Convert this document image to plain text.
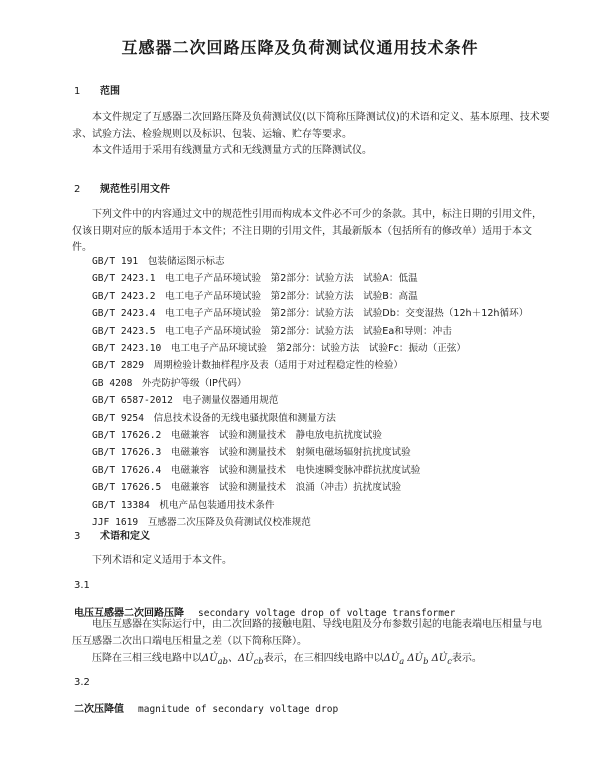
互感器二次回路压降及负荷测试仪通用技术条件
1 范围
本文件规定了互感器二次回路压降及负荷测试仪(以下简称压降测试仪)的术语和定义、基本原理、技术要求、试验方法、检验规则以及标识、包装、运输、贮存等要求。
本文件适用于采用有线测量方式和无线测量方式的压降测试仪。
2 规范性引用文件
下列文件中的内容通过文中的规范性引用而构成本文件必不可少的条款。其中，标注日期的引用文件，仅该日期对应的版本适用于本文件；不注日期的引用文件，其最新版本（包括所有的修改单）适用于本文件。
GB/T 191　 包装储运图示标志
GB/T 2423.1　 电工电子产品环境试验　第2部分：试验方法　试验A：低温
GB/T 2423.2　 电工电子产品环境试验　第2部分：试验方法　试验B：高温
GB/T 2423.4　 电工电子产品环境试验　第2部分：试验方法　试验Db：交变湿热（12h＋12h循环）
GB/T 2423.5　 电工电子产品环境试验　第2部分：试验方法　试验Ea和导则：冲击
GB/T 2423.10　 电工电子产品环境试验　第2部分：试验方法　试验Fc：振动（正弦）
GB/T 2829　 周期检验计数抽样程序及表（适用于对过程稳定性的检验）
GB 4208　 外壳防护等级（IP代码）
GB/T 6587-2012　 电子测量仪器通用规范
GB/T 9254　 信息技术设备的无线电骚扰限值和测量方法
GB/T 17626.2　 电磁兼容　试验和测量技术　静电放电抗扰度试验
GB/T 17626.3　 电磁兼容　试验和测量技术　射频电磁场辐射抗扰度试验
GB/T 17626.4　 电磁兼容　试验和测量技术　电快速瞬变脉冲群抗扰度试验
GB/T 17626.5　 电磁兼容　试验和测量技术　浪涌（冲击）抗扰度试验
GB/T 13384　 机电产品包装通用技术条件
JJF 1619　 互感器二次压降及负荷测试仪校准规范
3 术语和定义
下列术语和定义适用于本文件。
3.1
电压互感器二次回路压降 secondary voltage drop of voltage transformer
电压互感器在实际运行中，由二次回路的接触电阻、导线电阻及分布参数引起的电能表端电压相量与电压互感器二次出口端电压相量之差（以下简称压降）。
压降在三相三线电路中以$\Delta U̇_{ab}$、$\Delta U̇_{cb}$表示，在三相四线电路中以$\Delta U̇_a$ $\Delta U̇_b$ $\Delta U̇_c$表示。
3.2
二次压降值 magnitude of secondary voltage drop
